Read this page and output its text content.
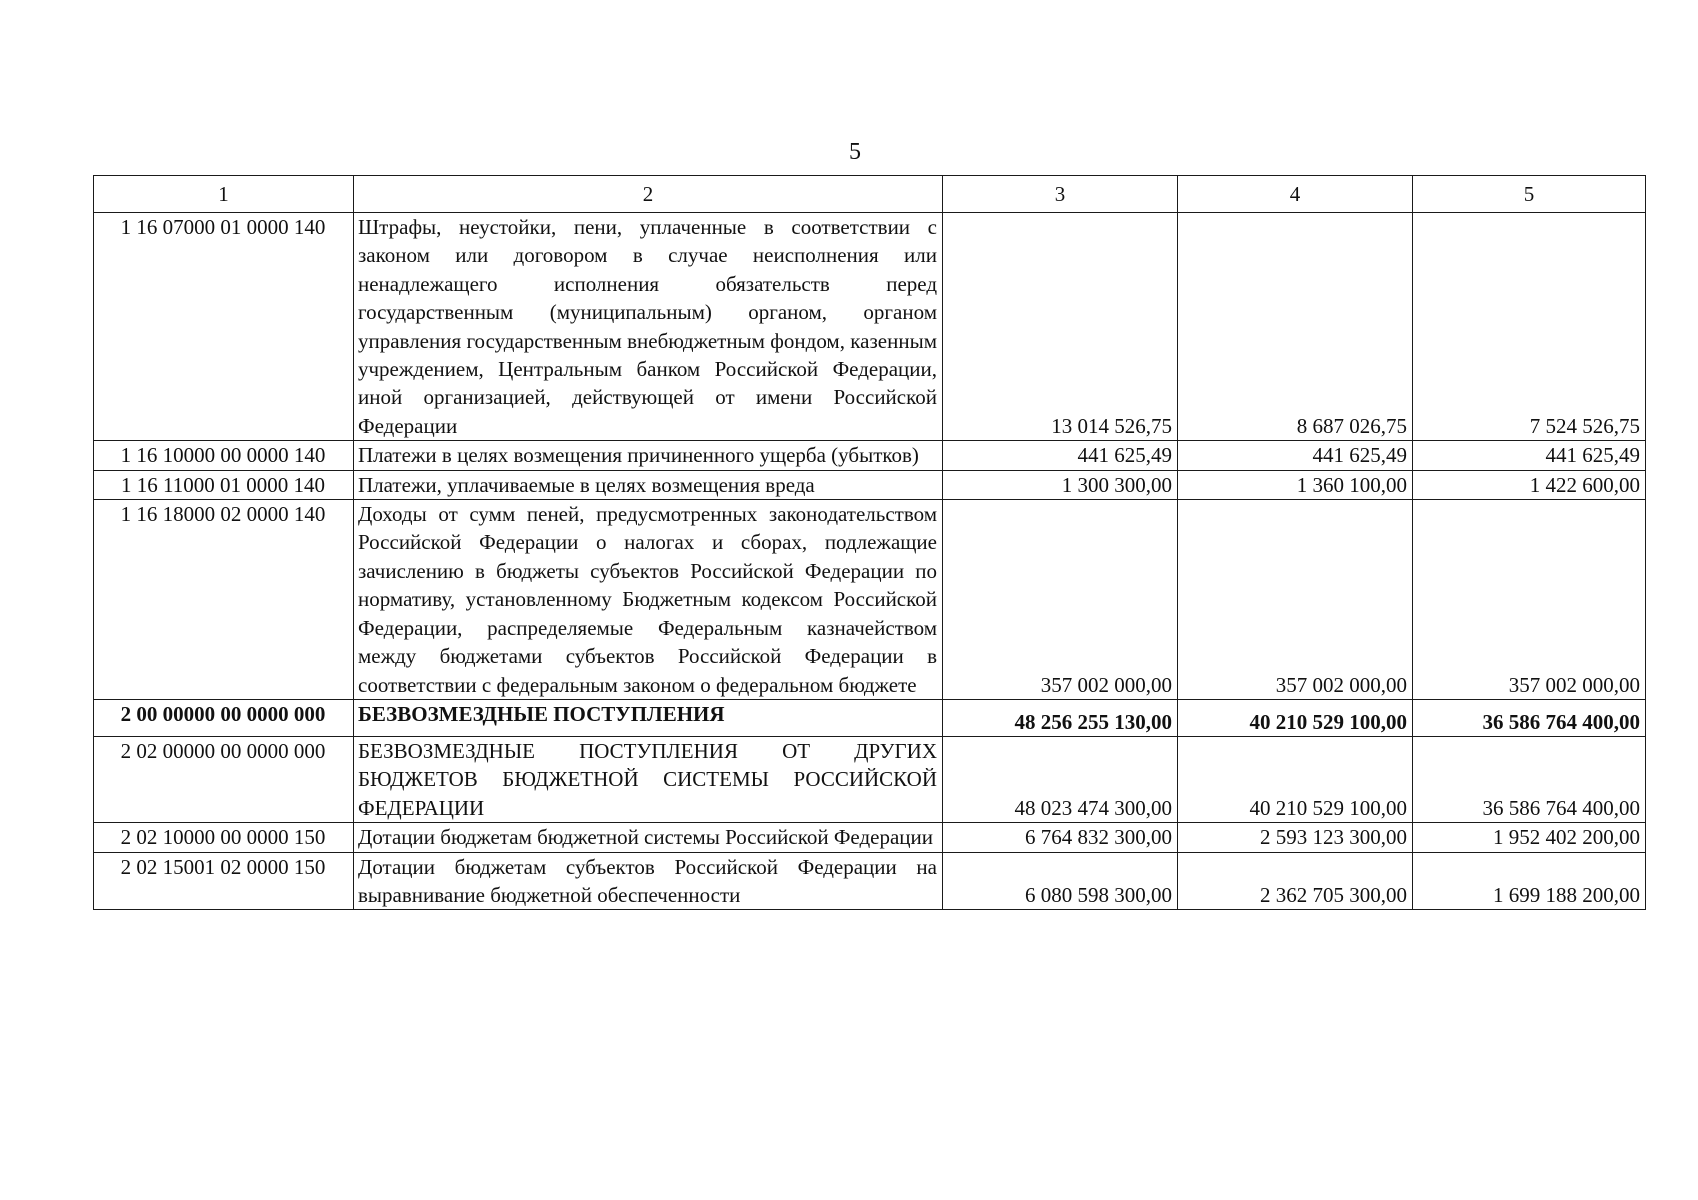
5
1	2	3	4	5
1 16 07000 01 0000 140	Штрафы, неустойки, пени, уплаченные в соответствии с законом или договором в случае неисполнения или ненадлежащего исполнения обязательств перед государственным (муниципальным) органом, органом управления государственным внебюджетным фондом, казенным учреждением, Центральным банком Российской Федерации, иной организацией, действующей от имени Российской Федерации	13 014 526,75	8 687 026,75	7 524 526,75
1 16 10000 00 0000 140	Платежи в целях возмещения причиненного ущерба (убытков)	441 625,49	441 625,49	441 625,49
1 16 11000 01 0000 140	Платежи, уплачиваемые в целях возмещения вреда	1 300 300,00	1 360 100,00	1 422 600,00
1 16 18000 02 0000 140	Доходы от сумм пеней, предусмотренных законодательством Российской Федерации о налогах и сборах, подлежащие зачислению в бюджеты субъектов Российской Федерации по нормативу, установленному Бюджетным кодексом Российской Федерации, распределяемые Федеральным казначейством между бюджетами субъектов Российской Федерации в соответствии с федеральным законом о федеральном бюджете	357 002 000,00	357 002 000,00	357 002 000,00
2 00 00000 00 0000 000	БЕЗВОЗМЕЗДНЫЕ ПОСТУПЛЕНИЯ	48 256 255 130,00	40 210 529 100,00	36 586 764 400,00
2 02 00000 00 0000 000	БЕЗВОЗМЕЗДНЫЕ ПОСТУПЛЕНИЯ ОТ ДРУГИХ БЮДЖЕТОВ БЮДЖЕТНОЙ СИСТЕМЫ РОССИЙСКОЙ ФЕДЕРАЦИИ	48 023 474 300,00	40 210 529 100,00	36 586 764 400,00
2 02 10000 00 0000 150	Дотации бюджетам бюджетной системы Российской Федерации	6 764 832 300,00	2 593 123 300,00	1 952 402 200,00
2 02 15001 02 0000 150	Дотации бюджетам субъектов Российской Федерации на выравнивание бюджетной обеспеченности	6 080 598 300,00	2 362 705 300,00	1 699 188 200,00
